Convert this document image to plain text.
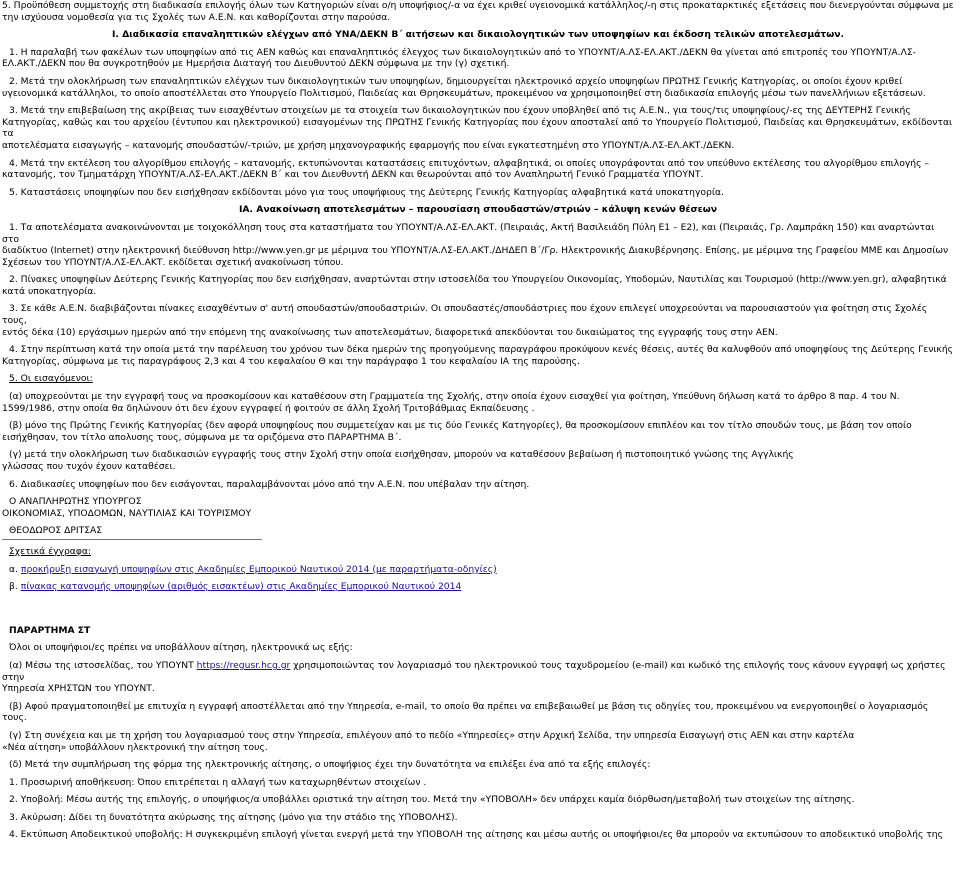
5. Προϋπόθεση συμμετοχής στη διαδικασία επιλογής όλων των Κατηγοριών είναι ο/η υποψήφιος/-α να έχει κριθεί υγειονομικά κατάλληλος/-η στις προκαταρκτικές εξετάσεις που διενεργούνται σύμφωνα με

την ισχύουσα νομοθεσία για τις Σχολές των Α.Ε.Ν. και καθορίζονται στην παρούσα.

Ι. Διαδικασία επαναληπτικών ελέγχων από ΥΝΑ/ΔΕΚΝ Β΄ αιτήσεων και δικαιολογητικών των υποψηφίων και έκδοση τελικών αποτελεσμάτων.

1. Η παραλαβή των φακέλων των υποψηφίων από τις ΑΕΝ καθώς και επαναληπτικός έλεγχος των δικαιολογητικών από το ΥΠΟΥΝΤ/Α.ΛΣ-ΕΛ.ΑΚΤ./ΔΕΚΝ θα γίνεται από επιτροπές του ΥΠΟΥΝΤ/Α.ΛΣ-

ΕΛ.ΑΚΤ./ΔΕΚΝ που θα συγκροτηθούν με Ημερήσια Διαταγή του Διευθυντού ΔΕΚΝ σύμφωνα με την (γ) σχετική.

2. Μετά την ολοκλήρωση των επαναληπτικών ελέγχων των δικαιολογητικών των υποψηφίων, δημιουργείται ηλεκτρονικό αρχείο υποψηφίων ΠΡΩΤΗΣ Γενικής Κατηγορίας, οι οποίοι έχουν κριθεί

υγειονομικά κατάλληλοι, το οποίο αποστέλλεται στο Υπουργείο Πολιτισμού, Παιδείας και Θρησκευμάτων, προκειμένου να χρησιμοποιηθεί στη διαδικασία επιλογής μέσω των πανελλήνιων εξετάσεων.

3. Μετά την επιβεβαίωση της ακρίβειας των εισαχθέντων στοιχείων με τα στοιχεία των δικαιολογητικών που έχουν υποβληθεί από τις Α.Ε.Ν., για τους/τις υποψηφίους/-ες της ΔΕΥΤΕΡΗΣ Γενικής

Κατηγορίας, καθώς και του αρχείου (έντυπου και ηλεκτρονικού) εισαγομένων της ΠΡΩΤΗΣ Γενικής Κατηγορίας που έχουν αποσταλεί από το Υπουργείο Πολιτισμού, Παιδείας και Θρησκευμάτων, εκδίδονται τα

αποτελέσματα εισαγωγής – κατανομής σπουδαστών/-τριών, με χρήση μηχανογραφικής εφαρμογής που είναι εγκατεστημένη στο ΥΠΟΥΝΤ/Α.ΛΣ-ΕΛ.ΑΚΤ./ΔΕΚΝ.

4. Μετά την εκτέλεση του αλγορίθμου επιλογής – κατανομής, εκτυπώνονται καταστάσεις επιτυχόντων, αλφαβητικά, οι οποίες υπογράφονται από τον υπεύθυνο εκτέλεσης του αλγορίθμου επιλογής –

κατανομής, τον Τμηματάρχη ΥΠΟΥΝΤ/Α.ΛΣ-ΕΛ.ΑΚΤ./ΔΕΚΝ Β΄ και τον Διευθυντή ΔΕΚΝ και θεωρούνται από τον Αναπληρωτή Γενικό Γραμματέα ΥΠΟΥΝΤ.

5. Καταστάσεις υποψηφίων που δεν εισήχθησαν εκδίδονται μόνο για τους υποψήφιους της Δεύτερης Γενικής Κατηγορίας αλφαβητικά κατά υποκατηγορία.

ΙΑ. Ανακοίνωση αποτελεσμάτων – παρουσίαση σπουδαστών/στριών – κάλυψη κενών θέσεων

1. Τα αποτελέσματα ανακοινώνονται με τοιχοκόλληση τους στα καταστήματα του ΥΠΟΥΝΤ/Α.ΛΣ-ΕΛ.ΑΚΤ. (Πειραιάς, Ακτή Βασιλειάδη Πύλη Ε1 – Ε2), και (Πειραιάς, Γρ. Λαμπράκη 150) και αναρτώνται στο

διαδίκτυο (Internet) στην ηλεκτρονική διεύθυνση http://www.yen.gr με μέριμνα του ΥΠΟΥΝΤ/Α.ΛΣ-ΕΛ.ΑΚΤ./ΔΗΔΕΠ Β΄/Γρ. Ηλεκτρονικής Διακυβέρνησης. Επίσης, με μέριμνα της Γραφείου ΜΜΕ και Δημοσίων

Σχέσεων του ΥΠΟΥΝΤ/Α.ΛΣ-ΕΛ.ΑΚΤ. εκδίδεται σχετική ανακοίνωση τύπου.

2. Πίνακες υποψηφίων Δεύτερης Γενικής Κατηγορίας που δεν εισήχθησαν, αναρτώνται στην ιστοσελίδα του Υπουργείου Οικονομίας, Υποδομών, Ναυτιλίας και Τουρισμού (http://www.yen.gr), αλφαβητικά

κατά υποκατηγορία.

3. Σε κάθε Α.Ε.Ν. διαβιβάζονται πίνακες εισαχθέντων σ' αυτή σπουδαστών/σπουδαστριών. Οι σπουδαστές/σπουδάστριες που έχουν επιλεγεί υποχρεούνται να παρουσιαστούν για φοίτηση στις Σχολές τους,

εντός δέκα (10) εργάσιμων ημερών από την επόμενη της ανακοίνωσης των αποτελεσμάτων, διαφορετικά απεκδύονται του δικαιώματος της εγγραφής τους στην ΑΕΝ.

4. Στην περίπτωση κατά την οποία μετά την παρέλευση του χρόνου των δέκα ημερών της προηγούμενης παραγράφου προκύψουν κενές θέσεις, αυτές θα καλυφθούν από υποψηφίους της Δεύτερης Γενικής

Κατηγορίας, σύμφωνα με τις παραγράφους 2,3 και 4 του κεφαλαίου Θ και την παράγραφο 1 του κεφαλαίου ΙΑ της παρούσης.

5. Οι εισαγόμενοι:

(α) υποχρεούνται με την εγγραφή τους να προσκομίσουν και καταθέσουν στη Γραμματεία της Σχολής, στην οποία έχουν εισαχθεί για φοίτηση, Υπεύθυνη δήλωση κατά το άρθρο 8 παρ. 4 του Ν.

1599/1986, στην οποία θα δηλώνουν ότι δεν έχουν εγγραφεί ή φοιτούν σε άλλη Σχολή Τριτοβάθμιας Εκπαίδευσης .

(β) μόνο της Πρώτης Γενικής Κατηγορίας (δεν αφορά υποψηφίους που συμμετείχαν και με τις δύο Γενικές Κατηγορίες), θα προσκομίσουν επιπλέον και τον τίτλο σπουδών τους, με βάση τον οποίο

εισήχθησαν, τον τίτλο απολυσης τους, σύμφωνα με τα οριζόμενα στο ΠΑΡΑΡΤΗΜΑ Β΄.

(γ) μετά την ολοκλήρωση των διαδικασιών εγγραφής τους στην Σχολή στην οποία εισήχθησαν, μπορούν να καταθέσουν βεβαίωση ή πιστοποιητικό γνώσης της Αγγλικής

γλώσσας που τυχόν έχουν καταθέσει.

6. Διαδικασίες υποψηφίων που δεν εισάγονται, παραλαμβάνονται μόνο από την Α.Ε.Ν. που υπέβαλαν την αίτηση.

Ο ΑΝΑΠΛΗΡΩΤΗΣ ΥΠΟΥΡΓΟΣ

ΟΙΚΟΝΟΜΙΑΣ, ΥΠΟΔΟΜΩΝ, ΝΑΥΤΙΛΙΑΣ ΚΑΙ ΤΟΥΡΙΣΜΟΥ

ΘΕΟΔΩΡΟΣ ΔΡΙΤΣΑΣ

Σχετικά έγγραφα:

α. προκήρυξη εισαγωγή υποψηφίων στις Ακαδημίες Εμπορικού Ναυτικού 2014 (με παραρτήματα-οδηγίες)

β. πίνακας κατανομής υποψηφίων (αριθμός εισακτέων) στις Ακαδημίες Εμπορικού Ναυτικού 2014

ΠΑΡΑΡΤΗΜΑ ΣΤ

Όλοι οι υποψήφιοι/ες πρέπει να υποβάλλουν αίτηση, ηλεκτρονικά ως εξής:

(α) Μέσω της ιστοσελίδας, του ΥΠΟΥΝΤ https://regusr.hcg.gr χρησιμοποιώντας τον λογαριασμό του ηλεκτρονικού τους ταχυδρομείου (e-mail) και κωδικό της επιλογής τους κάνουν εγγραφή ως χρήστες στην

Υπηρεσία ΧΡΗΣΤΩΝ του ΥΠΟΥΝΤ.

(β) Αφού πραγματοποιηθεί με επιτυχία η εγγραφή αποστέλλεται από την Υπηρεσία, e-mail, το οποίο θα πρέπει να επιβεβαιωθεί με βάση τις οδηγίες του, προκειμένου να ενεργοποιηθεί ο λογαριασμός

τους.

(γ) Στη συνέχεια και με τη χρήση του λογαριασμού τους στην Υπηρεσία, επιλέγουν από το πεδίο «Υπηρεσίες» στην Αρχική Σελίδα, την υπηρεσία Εισαγωγή στις ΑΕΝ και στην καρτέλα

«Νέα αίτηση» υποβάλλουν ηλεκτρονική την αίτηση τους.

(δ) Μετά την συμπλήρωση της φόρμα της ηλεκτρονικής αίτησης, ο υποψήφιος έχει την δυνατότητα να επιλέξει ένα από τα εξής επιλογές:

1. Προσωρινή αποθήκευση: Όπου επιτρέπεται η αλλαγή των καταχωρηθέντων στοιχείων .

2. Υποβολή: Μέσω αυτής της επιλογής, ο υποψήφιος/α υποβάλλει οριστικά την αίτηση του. Μετά την «ΥΠΟΒΟΛΗ» δεν υπάρχει καμία διόρθωση/μεταβολή των στοιχείων της αίτησης.

3. Ακύρωση: Δίδει τη δυνατότητα ακύρωσης της αίτησης (μόνο για την στάδιο της ΥΠΟΒΟΛΗΣ).

4. Εκτύπωση Αποδεικτικού υποβολής: Η συγκεκριμένη επιλογή γίνεται ενεργή μετά την ΥΠΟΒΟΛΗ της αίτησης και μέσω αυτής οι υποψήφιοι/ες θα μπορούν να εκτυπώσουν το αποδεικτικό υποβολής της
